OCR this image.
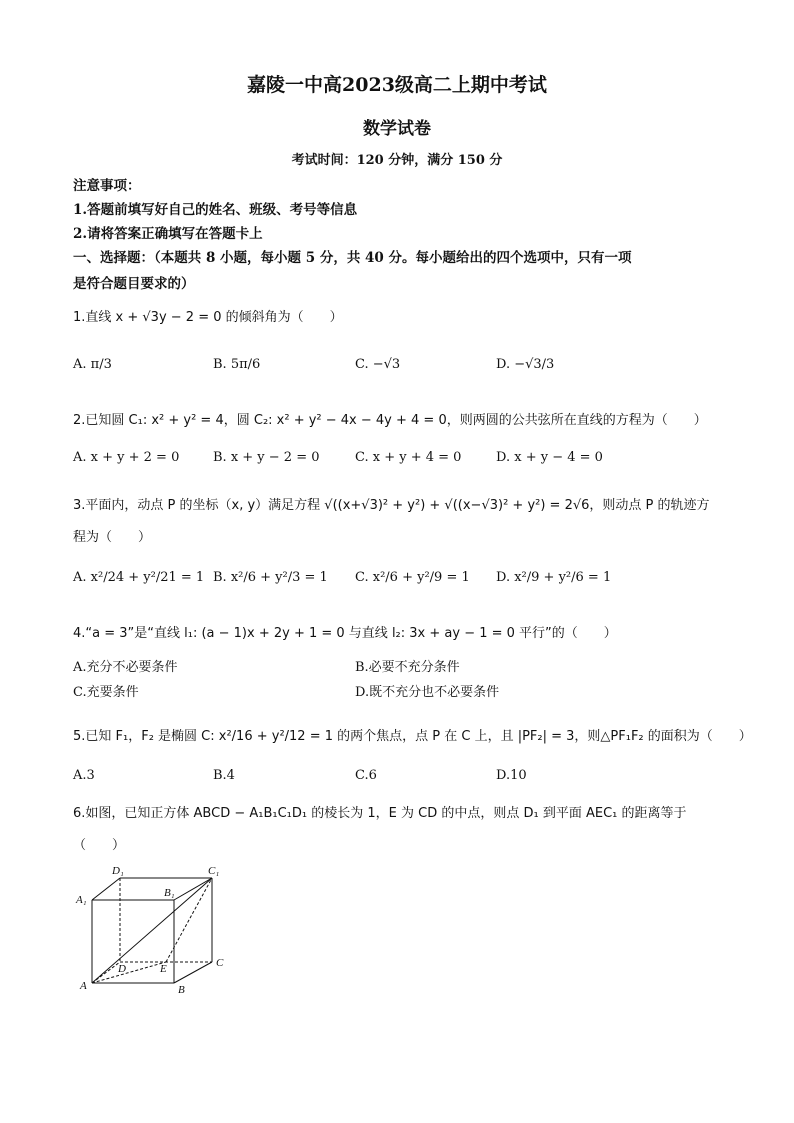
嘉陵一中高2023级高二上期中考试
数学试卷
考试时间：120 分钟，满分 150 分
注意事项：
1.答题前填写好自己的姓名、班级、考号等信息
2.请将答案正确填写在答题卡上
一、选择题：（本题共 8 小题，每小题 5 分，共 40 分。每小题给出的四个选项中，只有一项
是符合题目要求的）
1.直线 x + √3y − 2 = 0 的倾斜角为（　　）
A. π/3	B. 5π/6	C. −√3	D. −√3/3
2.已知圆 C₁: x² + y² = 4，圆 C₂: x² + y² − 4x − 4y + 4 = 0，则两圆的公共弦所在直线的方程为（　　）
A. x + y + 2 = 0	B. x + y − 2 = 0	C. x + y + 4 = 0	D. x + y − 4 = 0
3.平面内，动点 P 的坐标（x, y）满足方程 √((x+√3)² + y²) + √((x−√3)² + y²) = 2√6，则动点 P 的轨迹方
程为（　　）
A. x²/24 + y²/21 = 1 B. x²/6 + y²/3 = 1 C. x²/6 + y²/9 = 1 D. x²/9 + y²/6 = 1
4.“a = 3”是“直线 l₁: (a − 1)x + 2y + 1 = 0 与直线 l₂: 3x + ay − 1 = 0 平行”的（　　）
A.充分不必要条件	B.必要不充分条件
C.充要条件	D.既不充分也不必要条件
5.已知 F₁，F₂ 是椭圆 C: x²/16 + y²/12 = 1 的两个焦点，点 P 在 C 上，且 |PF₂| = 3，则△PF₁F₂ 的面积为（　　）
A.3	B.4	C.6	D.10
6.如图，已知正方体 ABCD − A₁B₁C₁D₁ 的棱长为 1，E 为 CD 的中点，则点 D₁ 到平面 AEC₁ 的距离等于
（　　）
D₁	C₁
A₁
B₁
D	E	C
A	B
